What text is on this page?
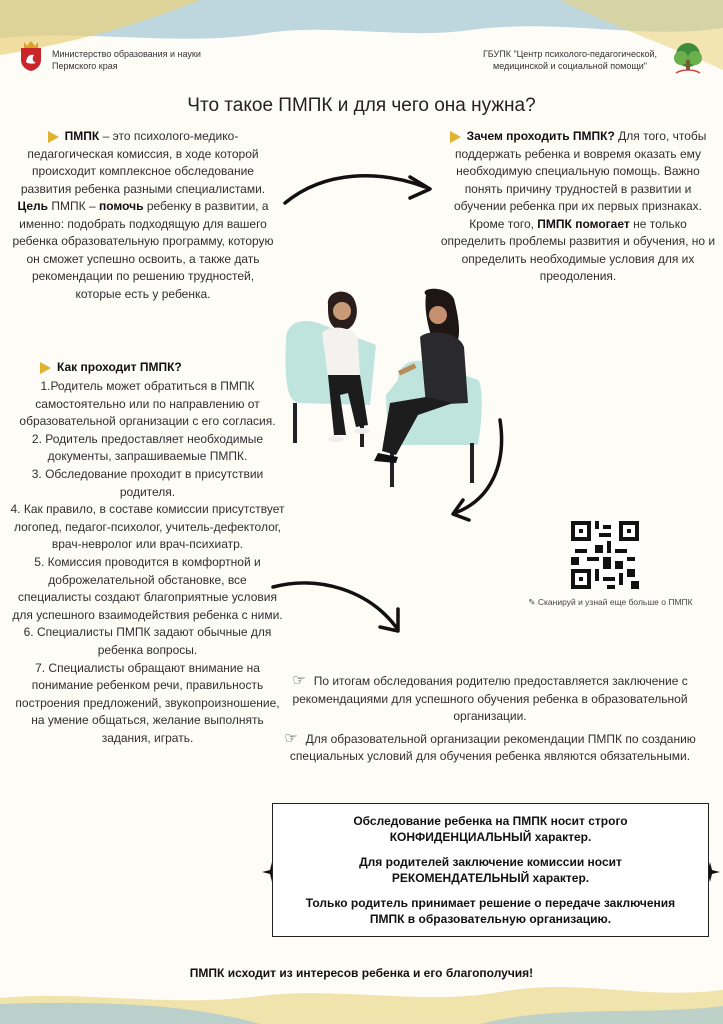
Министерство образования и науки Пермского края
ГБУПК "Центр психолого-педагогической, медицинской и социальной помощи"
Что такое ПМПК и для чего она нужна?

ПМПК – это психолого-медико-педагогическая комиссия, в ходе которой происходит комплексное обследование развития ребенка разными специалистами.

Цель ПМПК – помочь ребенку в развитии, а именно: подобрать подходящую для вашего ребенка образовательную программу, которую он сможет успешно освоить, а также дать рекомендации по решению трудностей, которые есть у ребенка.

Зачем проходить ПМПК? Для того, чтобы поддержать ребенка и вовремя оказать ему необходимую специальную помощь. Важно понять причину трудностей в развитии и обучении ребенка при их первых признаках. Кроме того, ПМПК помогает не только определить проблемы развития и обучения, но и определить необходимые условия для их преодоления.

Как проходит ПМПК?
1.Родитель может обратиться в ПМПК самостоятельно или по направлению от образовательной организации с его согласия.
2. Родитель предоставляет необходимые документы, запрашиваемые ПМПК.
3. Обследование проходит в присутствии родителя.
4. Как правило, в составе комиссии присутствует логопед, педагог-психолог, учитель-дефектолог, врач-невролог или врач-психиатр.
5. Комиссия проводится в комфортной и доброжелательной обстановке, все специалисты создают благоприятные условия для успешного взаимодействия ребенка с ними.
6. Специалисты ПМПК задают обычные для ребенка вопросы.
7. Специалисты обращают внимание на понимание ребенком речи, правильность построения предложений, звукопроизношение, на умение общаться, желание выполнять задания, играть.
✎ Сканируй и узнай еще больше о ПМПК

☞ По итогам обследования родителю предоставляется заключение с рекомендациями для успешного обучения ребенка в образовательной организации.

☞ Для образовательной организации рекомендации ПМПК по созданию специальных условий для обучения ребенка являются обязательными.

Обследование ребенка на ПМПК носит строго КОНФИДЕНЦИАЛЬНЫЙ характер.

Для родителей заключение комиссии носит РЕКОМЕНДАТЕЛЬНЫЙ характер.

Только родитель принимает решение о передаче заключения ПМПК в образовательную организацию.

ПМПК исходит из интересов ребенка и его благополучия!
